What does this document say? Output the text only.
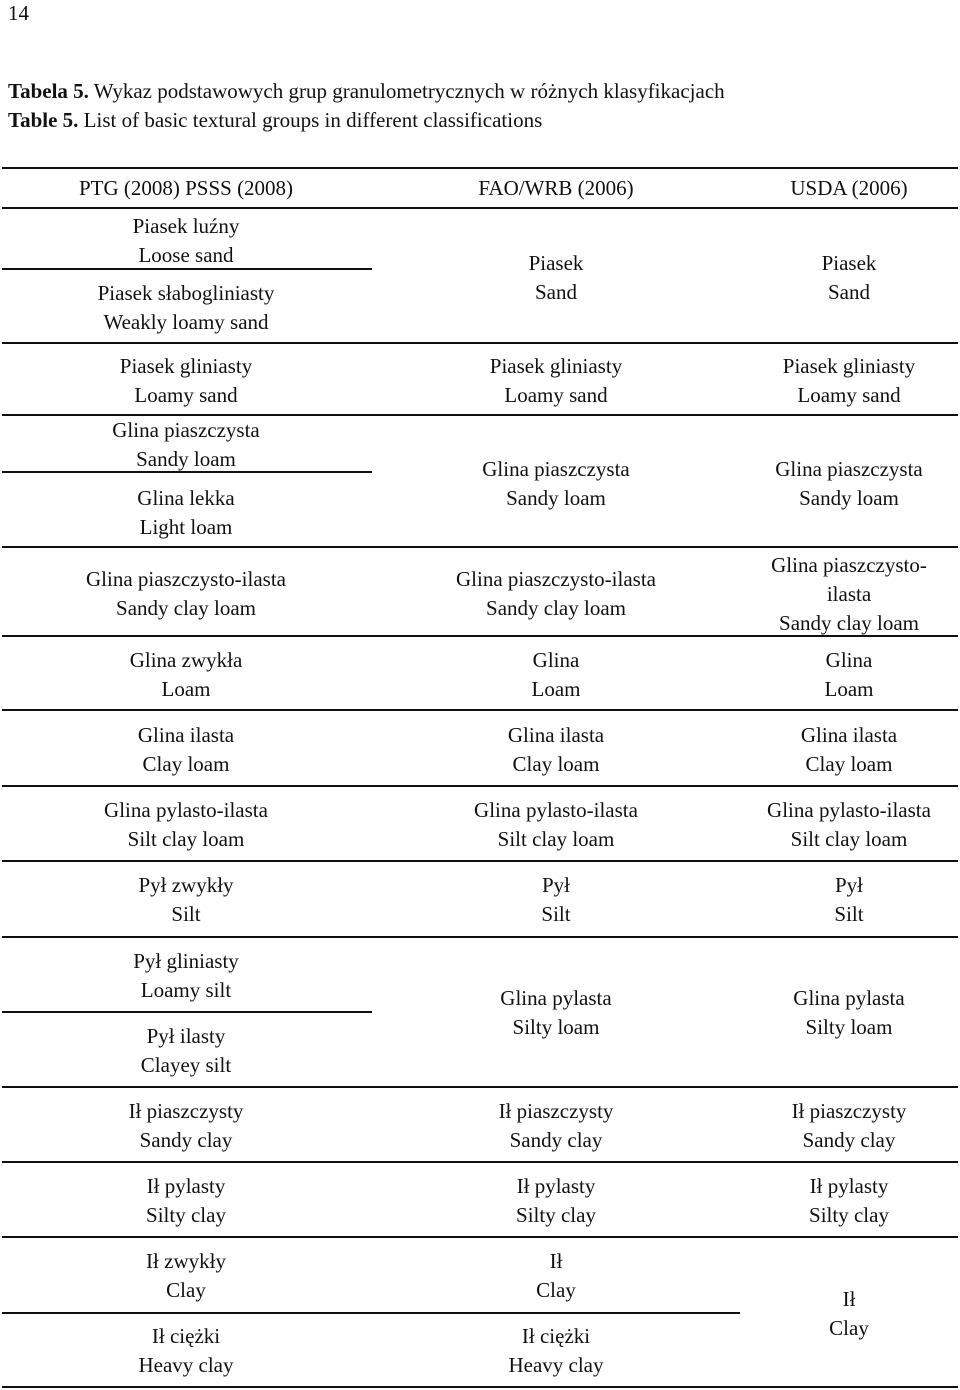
14
Tabela 5. Wykaz podstawowych grup granulometrycznych w różnych klasyfikacjach
Table 5. List of basic textural groups in different classifications
PTG (2008) PSSS (2008)	FAO/WRB (2006)	USDA (2006)
Piasek luźny
Loose sand
Piasek słabogliniasty
Weakly loamy sand
Piasek gliniasty
Loamy sand
Glina piaszczysta
Sandy loam
Glina lekka
Light loam
Glina piaszczysto-ilasta
Sandy clay loam
Glina zwykła
Loam
Glina ilasta
Clay loam
Glina pylasto-ilasta
Silt clay loam
Pył zwykły
Silt
Pył gliniasty
Loamy silt
Pył ilasty
Clayey silt
Ił piaszczysty
Sandy clay
Ił pylasty
Silty clay
Ił zwykły
Clay
Ił ciężki
Heavy clay
Piasek
Sand
Piasek gliniasty
Loamy sand
Glina piaszczysta
Sandy loam
Glina piaszczysto-ilasta
Sandy clay loam
Glina
Loam
Glina ilasta
Clay loam
Glina pylasto-ilasta
Silt clay loam
Pył
Silt
Glina pylasta
Silty loam
Ił piaszczysty
Sandy clay
Ił pylasty
Silty clay
Ił
Clay
Ił ciężki
Heavy clay
Piasek
Sand
Piasek gliniasty
Loamy sand
Glina piaszczysta
Sandy loam
Glina piaszczysto-
ilasta
Sandy clay loam
Glina
Loam
Glina ilasta
Clay loam
Glina pylasto-ilasta
Silt clay loam
Pył
Silt
Glina pylasta
Silty loam
Ił piaszczysty
Sandy clay
Ił pylasty
Silty clay
Ił
Clay
